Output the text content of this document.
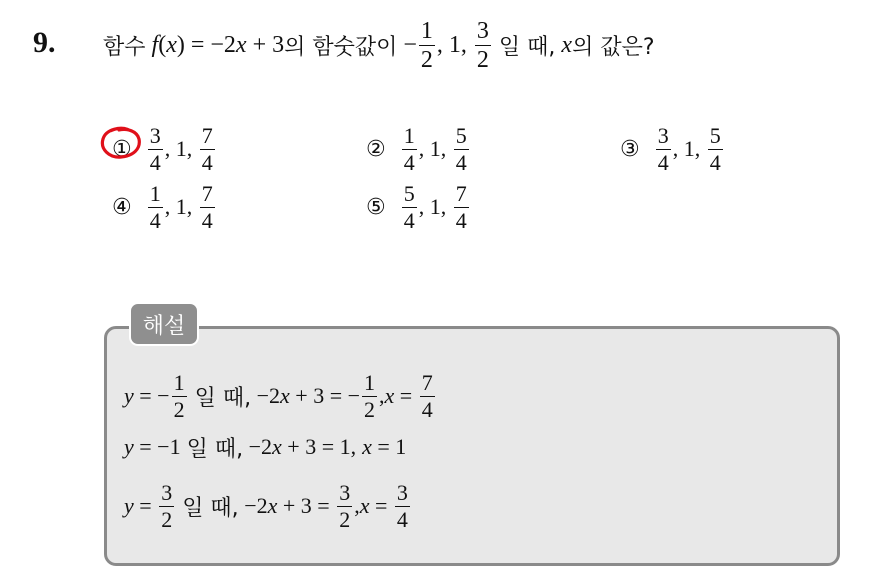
9. 함수 f ( x ) = −2 x + 3 의 함숫값이 − $\frac{1}{2}$ , 1, $\frac{3}{2}$ 일 때, x 의 값은?
① $\frac{3}{4}$ , 1, $\frac{7}{4}$	② $\frac{1}{4}$ , 1, $\frac{5}{4}$	③ $\frac{3}{4}$ , 1, $\frac{5}{4}$
④ $\frac{1}{4}$ , 1, $\frac{7}{4}$	⑤ $\frac{5}{4}$ , 1, $\frac{7}{4}$
해설
y = − $\frac{1}{2}$ 일 때, −2 x + 3 = − $\frac{1}{2}$ , $x = \frac{7}{4}$
y = −1 일 때, −2 x + 3 = 1, x = 1
$y = \frac{3}{2}$ 일 때, −2 $x + 3 = \frac{3}{2}$ , $x = \frac{3}{4}$
